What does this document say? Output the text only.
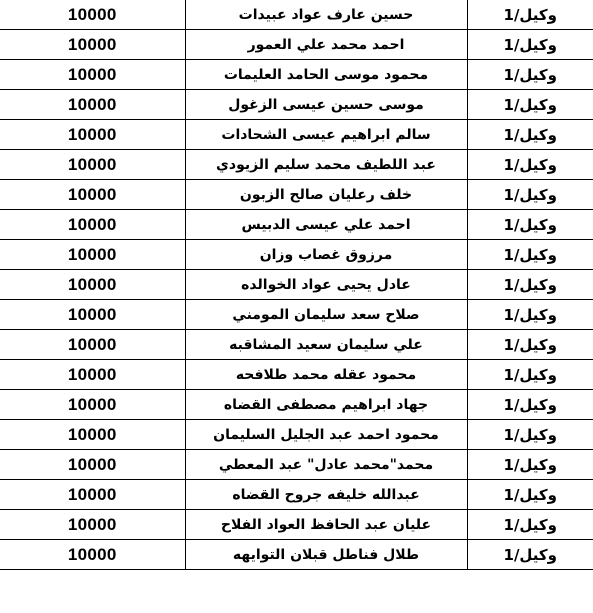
10000	حسين عارف عواد عبيدات	وكيل/1
10000	احمد محمد علي العمور	وكيل/1
10000	محمود موسى الحامد العليمات	وكيل/1
10000	موسى حسين عيسى الزغول	وكيل/1
10000	سالم ابراهيم عيسى الشحادات	وكيل/1
10000	عبد اللطيف محمد سليم الزيودي	وكيل/1
10000	خلف رعليان صالح الزبون	وكيل/1
10000	احمد علي عيسى الدبيس	وكيل/1
10000	مرزوق غصاب وزان	وكيل/1
10000	عادل يحيى عواد الخوالده	وكيل/1
10000	صلاح سعد سليمان المومني	وكيل/1
10000	علي سليمان سعيد المشاقبه	وكيل/1
10000	محمود عقله محمد طلافحه	وكيل/1
10000	جهاد ابراهيم مصطفى القضاه	وكيل/1
10000	محمود احمد عبد الجليل السليمان	وكيل/1
10000	محمد"محمد عادل" عبد المعطي	وكيل/1
10000	عبدالله خليفه جروح القضاه	وكيل/1
10000	عليان عبد الحافظ العواد الفلاح	وكيل/1
10000	طلال فناطل قبلان التوايهه	وكيل/1
